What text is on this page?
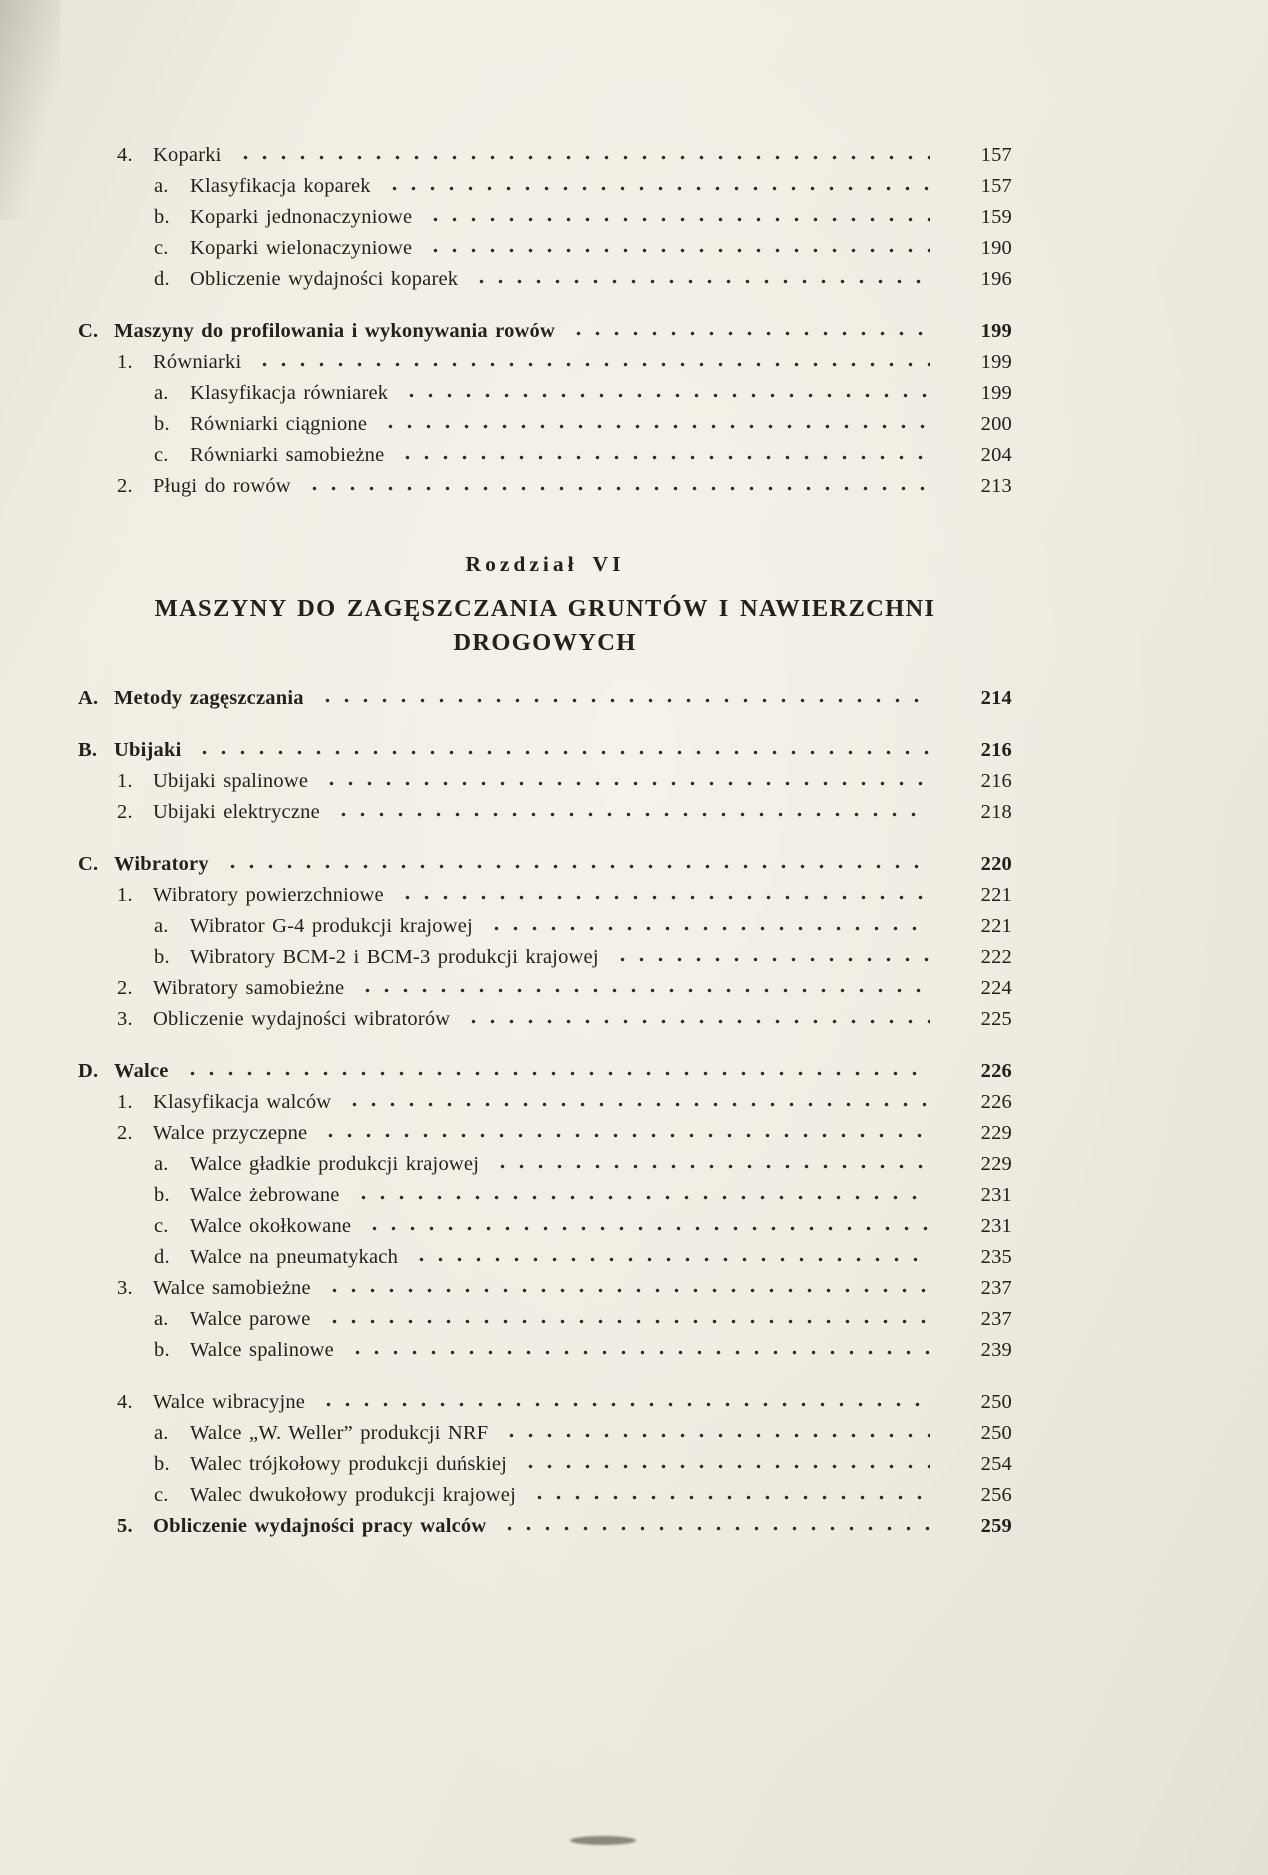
4. Koparki	157
a.	Klasyfikacja koparek	157
b. Koparki jednonaczyniowe	159
c.	Koparki wielonaczyniowe	190
d. Obliczenie wydajności koparek	196
C. Maszyny do profilowania i wykonywania rowów	199
1. Równiarki	199
a.	Klasyfikacja równiarek	199
b. Równiarki ciągnione	200
c.	Równiarki samobieżne	204
2. Pługi do rowów	213
Rozdział VI
MASZYNY DO ZAGĘSZCZANIA GRUNTÓW I NAWIERZCHNI DROGOWYCH
A. Metody zagęszczania	214
B. Ubijaki	216
1. Ubijaki spalinowe	216
2. Ubijaki elektryczne	218
C. Wibratory	220
1. Wibratory powierzchniowe	221
a.	Wibrator G-4 produkcji krajowej	221
b. Wibratory BCM-2 i BCM-3 produkcji krajowej	222
2. Wibratory samobieżne	224
3. Obliczenie wydajności wibratorów	225
D. Walce	226
1. Klasyfikacja walców	226
2. Walce przyczepne	229
a.	Walce gładkie produkcji krajowej	229
b. Walce żebrowane	231
c.	Walce okołkowane	231
d. Walce na pneumatykach	235
3. Walce samobieżne	237
a.	Walce parowe	237
b. Walce spalinowe	239
4. Walce wibracyjne	250
a.	Walce „W. Weller” produkcji NRF	250
b. Walec trójkołowy produkcji duńskiej	254
c.	Walec dwukołowy produkcji krajowej	256
5. Obliczenie wydajności pracy walców	259
